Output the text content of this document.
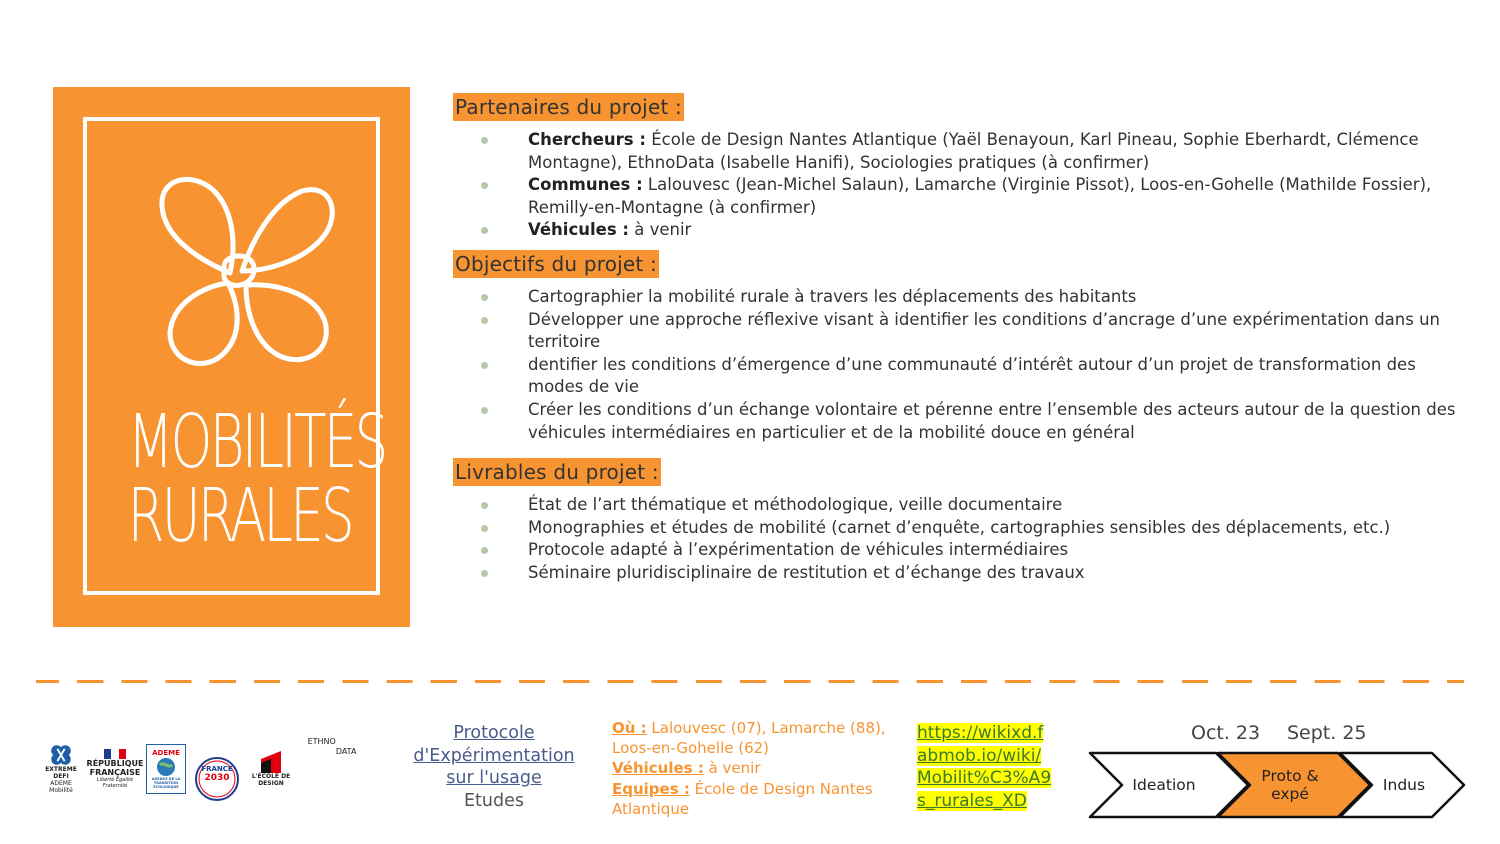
MOBILITÉS
RURALES
Partenaires du projet :
Chercheurs : École de Design Nantes Atlantique (Yaël Benayoun, Karl Pineau, Sophie Eberhardt, Clémence Montagne), EthnoData (Isabelle Hanifi), Sociologies pratiques (à confirmer)
Communes : Lalouvesc (Jean-Michel Salaun), Lamarche (Virginie Pissot), Loos-en-Gohelle (Mathilde Fossier), Remilly-en-Montagne (à confirmer)
Véhicules : à venir
Objectifs du projet :
Cartographier la mobilité rurale à travers les déplacements des habitants
Développer une approche réflexive visant à identifier les conditions d’ancrage d’une expérimentation dans un territoire
dentifier les conditions d’émergence d’une communauté d’intérêt autour d’un projet de transformation des modes de vie
Créer les conditions d’un échange volontaire et pérenne entre l’ensemble des acteurs autour de la question des véhicules intermédiaires en particulier et de la mobilité douce en général
Livrables du projet :
État de l’art thématique et méthodologique, veille documentaire
Monographies et études de mobilité (carnet d’enquête, cartographies sensibles des déplacements, etc.)
Protocole adapté à l’expérimentation de véhicules intermédiaires
Séminaire pluridisciplinaire de restitution et d’échange des travaux
EXTREME DEFI
ADEME Mobilité
RÉPUBLIQUE
FRANÇAISE
Liberté Égalité Fraternité
ADEME
AGENCE DE LA TRANSITION ÉCOLOGIQUE
FRANCE
2030	L'ÉCOLE DE
DESIGN
ETHNO
DATA
Protocole d'Expérimentation sur l'usage
Etudes
Où : Lalouvesc (07), Lamarche (88), Loos-en-Gohelle (62)
Véhicules : à venir
Equipes : École de Design Nantes Atlantique
https://wikixd.fabmob.io/wiki/Mobilit%C3%A9s_rurales_XD
Oct. 23 Sept. 25
Ideation	Proto & expé	Indus
